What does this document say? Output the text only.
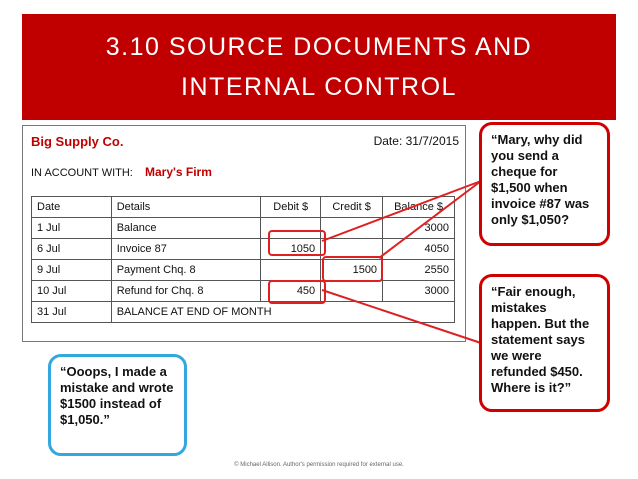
3.10 SOURCE DOCUMENTS AND
INTERNAL CONTROL
Big Supply Co.	Date: 31/7/2015
IN ACCOUNT WITH: Mary's Firm
Date	Details	Debit $	Credit $	Balance $
1 Jul	Balance			3000
6 Jul	Invoice 87	1050		4050
9 Jul	Payment Chq. 8		1500	2550
10 Jul	Refund for Chq. 8	450		3000
31 Jul	BALANCE AT END OF MONTH			
“Mary, why did you send a cheque for $1,500 when invoice #87 was only $1,050?
“Fair enough, mistakes happen. But the statement says we were refunded $450. Where is it?”
“Ooops, I made a mistake and wrote $1500 instead of $1,050.”
© Michael Allison. Author's permission required for external use.
